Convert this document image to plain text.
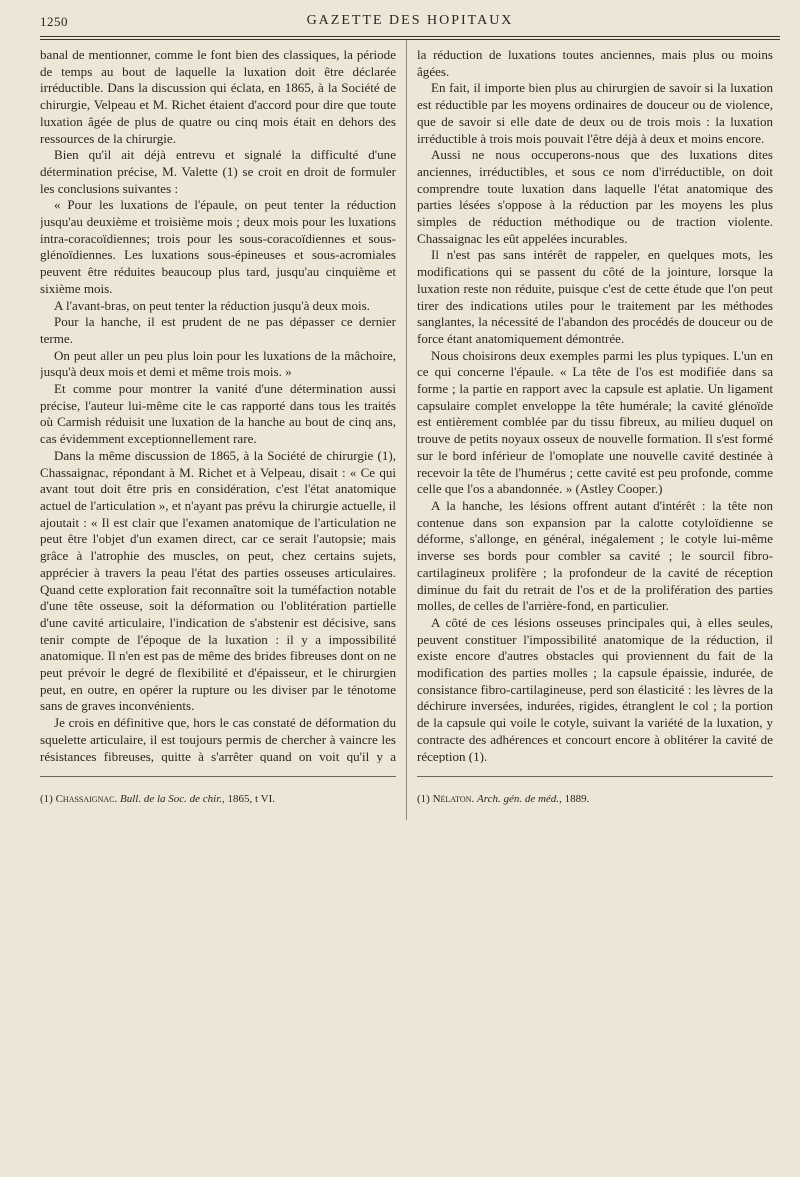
1250	GAZETTE DES HOPITAUX

banal de mentionner, comme le font bien des classiques, la période de temps au bout de laquelle la luxation doit être déclarée irréductible. Dans la discussion qui éclata, en 1865, à la Société de chirurgie, Velpeau et M. Richet étaient d'accord pour dire que toute luxation âgée de plus de quatre ou cinq mois était en dehors des ressources de la chirurgie.

Bien qu'il ait déjà entrevu et signalé la difficulté d'une détermination précise, M. Valette (1) se croit en droit de formuler les conclusions suivantes :

« Pour les luxations de l'épaule, on peut tenter la réduction jusqu'au deuxième et troisième mois ; deux mois pour les luxations intra-coracoïdiennes; trois pour les sous-coracoïdiennes et sous-glénoïdiennes. Les luxations sous-épineuses et sous-acromiales peuvent être réduites beaucoup plus tard, jusqu'au cinquième et sixième mois.

A l'avant-bras, on peut tenter la réduction jusqu'à deux mois.

Pour la hanche, il est prudent de ne pas dépasser ce dernier terme.

On peut aller un peu plus loin pour les luxations de la mâchoire, jusqu'à deux mois et demi et même trois mois. »

Et comme pour montrer la vanité d'une détermination aussi précise, l'auteur lui-même cite le cas rapporté dans tous les traités où Carmish réduisit une luxation de la hanche au bout de cinq ans, cas évidemment exceptionnellement rare.

Dans la même discussion de 1865, à la Société de chirurgie (1), Chassaignac, répondant à M. Richet et à Velpeau, disait : « Ce qui avant tout doit être pris en considération, c'est l'état anatomique actuel de l'articulation », et n'ayant pas prévu la chirurgie actuelle, il ajoutait : « Il est clair que l'examen anatomique de l'articulation ne peut être l'objet d'un examen direct, car ce serait l'autopsie; mais grâce à l'atrophie des muscles, on peut, chez certains sujets, apprécier à travers la peau l'état des parties osseuses articulaires. Quand cette exploration fait reconnaître soit la tuméfaction notable d'une tête osseuse, soit la déformation ou l'oblitération partielle d'une cavité articulaire, l'indication de s'abstenir est décisive, sans tenir compte de l'époque de la luxation : il y a impossibilité anatomique. Il n'en est pas de même des brides fibreuses dont on ne peut prévoir le degré de flexibilité et d'épaisseur, et le chirurgien peut, en outre, en opérer la rupture ou les diviser par le ténotome sans de graves inconvénients.

Je crois en définitive que, hors le cas constaté de déformation du squelette articulaire, il est toujours permis de chercher à vaincre les résistances fibreuses, quitte à s'arrêter quand on voit qu'il y a

la réduction de luxations toutes anciennes, mais plus ou moins âgées.

En fait, il importe bien plus au chirurgien de savoir si la luxation est réductible par les moyens ordinaires de douceur ou de violence, que de savoir si elle date de deux ou de trois mois : la luxation irréductible à trois mois pouvait l'être déjà à deux et moins encore.

Aussi ne nous occuperons-nous que des luxations dites anciennes, irréductibles, et sous ce nom d'irréductible, on doit comprendre toute luxation dans laquelle l'état anatomique des parties lésées s'oppose à la réduction par les moyens les plus simples de réduction méthodique ou de traction violente. Chassaignac les eût appelées incurables.

Il n'est pas sans intérêt de rappeler, en quelques mots, les modifications qui se passent du côté de la jointure, lorsque la luxation reste non réduite, puisque c'est de cette étude que l'on peut tirer des indications utiles pour le traitement par les méthodes sanglantes, la nécessité de l'abandon des procédés de douceur ou de force étant anatomiquement démontrée.

Nous choisirons deux exemples parmi les plus typiques. L'un en ce qui concerne l'épaule. « La tête de l'os est modifiée dans sa forme ; la partie en rapport avec la capsule est aplatie. Un ligament capsulaire complet enveloppe la tête humérale; la cavité glénoïde est entièrement comblée par du tissu fibreux, au milieu duquel on trouve de petits noyaux osseux de nouvelle formation. Il s'est formé sur le bord inférieur de l'omoplate une nouvelle cavité destinée à recevoir la tête de l'humérus ; cette cavité est peu profonde, comme celle que l'os a abandonnée. » (Astley Cooper.)

A la hanche, les lésions offrent autant d'intérêt : la tête non contenue dans son expansion par la calotte cotyloïdienne se déforme, s'allonge, en général, inégalement ; le cotyle lui-même inverse ses bords pour combler sa cavité ; le sourcil fibro-cartilagineux prolifère ; la profondeur de la cavité de réception diminue du fait du retrait de l'os et de la prolifération des parties molles, de celles de l'arrière-fond, en particulier.

A côté de ces lésions osseuses principales qui, à elles seules, peuvent constituer l'impossibilité anatomique de la réduction, il existe encore d'autres obstacles qui proviennent du fait de la modification des parties molles ; la capsule épaissie, indurée, de consistance fibro-cartilagineuse, perd son élasticité : les lèvres de la déchirure inversées, indurées, rigides, étranglent le col ; la portion de la capsule qui voile le cotyle, suivant la variété de la luxation, y contracte des adhérences et concourt encore à oblitérer la cavité de réception (1).

(1) Chassaignac. Bull. de la Soc. de chir., 1865, t VI.	(1) Nélaton. Arch. gén. de méd., 1889.
